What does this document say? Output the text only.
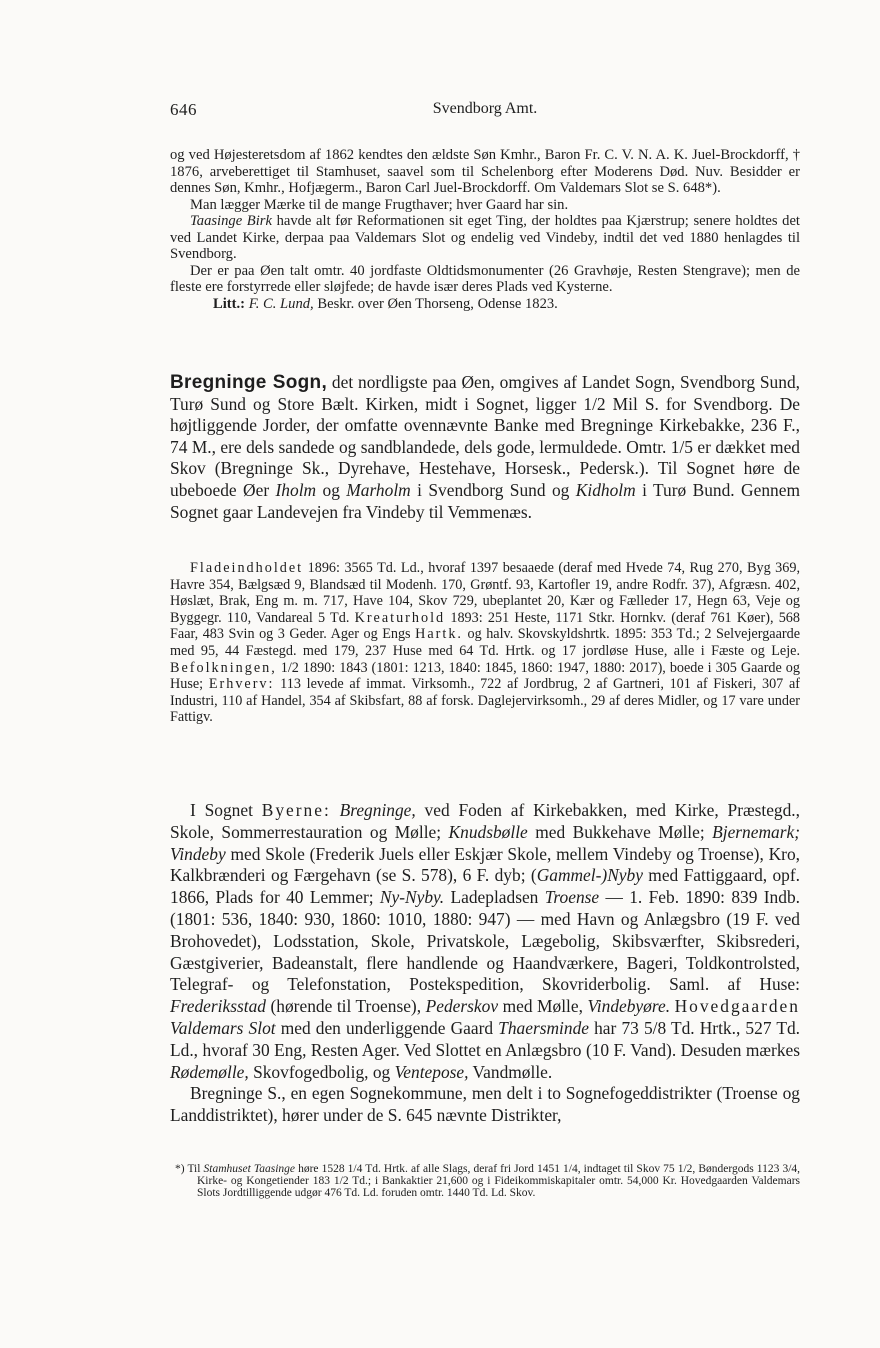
646	Svendborg Amt.

og ved Højesteretsdom af 1862 kendtes den ældste Søn Kmhr., Baron Fr. C. V. N. A. K. Juel-Brockdorff, † 1876, arveberettiget til Stamhuset, saavel som til Schelenborg efter Moderens Død. Nuv. Besidder er dennes Søn, Kmhr., Hofjægerm., Baron Carl Juel-Brockdorff. Om Valdemars Slot se S. 648*).

Man lægger Mærke til de mange Frugthaver; hver Gaard har sin.

Taasinge Birk havde alt før Reformationen sit eget Ting, der holdtes paa Kjærstrup; senere holdtes det ved Landet Kirke, derpaa paa Valdemars Slot og endelig ved Vindeby, indtil det ved 1880 henlagdes til Svendborg.

Der er paa Øen talt omtr. 40 jordfaste Oldtidsmonumenter (26 Gravhøje, Resten Stengrave); men de fleste ere forstyrrede eller sløjfede; de havde især deres Plads ved Kysterne.

Litt.: F. C. Lund, Beskr. over Øen Thorseng, Odense 1823.

Bregninge Sogn, det nordligste paa Øen, omgives af Landet Sogn, Svendborg Sund, Turø Sund og Store Bælt. Kirken, midt i Sognet, ligger 1/2 Mil S. for Svendborg. De højtliggende Jorder, der omfatte ovennævnte Banke med Bregninge Kirkebakke, 236 F., 74 M., ere dels sandede og sandblandede, dels gode, lermuldede. Omtr. 1/5 er dækket med Skov (Bregninge Sk., Dyrehave, Hestehave, Horsesk., Pedersk.). Til Sognet høre de ubeboede Øer Iholm og Marholm i Svendborg Sund og Kidholm i Turø Bund. Gennem Sognet gaar Landevejen fra Vindeby til Vemmenæs.

Fladeindholdet 1896: 3565 Td. Ld., hvoraf 1397 besaaede (deraf med Hvede 74, Rug 270, Byg 369, Havre 354, Bælgsæd 9, Blandsæd til Modenh. 170, Grøntf. 93, Kartofler 19, andre Rodfr. 37), Afgræsn. 402, Høslæt, Brak, Eng m. m. 717, Have 104, Skov 729, ubeplantet 20, Kær og Fælleder 17, Hegn 63, Veje og Byggegr. 110, Vandareal 5 Td. Kreaturhold 1893: 251 Heste, 1171 Stkr. Hornkv. (deraf 761 Køer), 568 Faar, 483 Svin og 3 Geder. Ager og Engs Hartk. og halv. Skovskyldshrtk. 1895: 353 Td.; 2 Selvejergaarde med 95, 44 Fæstegd. med 179, 237 Huse med 64 Td. Hrtk. og 17 jordløse Huse, alle i Fæste og Leje. Befolkningen, 1/2 1890: 1843 (1801: 1213, 1840: 1845, 1860: 1947, 1880: 2017), boede i 305 Gaarde og Huse; Erhverv: 113 levede af immat. Virksomh., 722 af Jordbrug, 2 af Gartneri, 101 af Fiskeri, 307 af Industri, 110 af Handel, 354 af Skibsfart, 88 af forsk. Daglejervirksomh., 29 af deres Midler, og 17 vare under Fattigv.

I Sognet Byerne: Bregninge, ved Foden af Kirkebakken, med Kirke, Præstegd., Skole, Sommerrestauration og Mølle; Knudsbølle med Bukkehave Mølle; Bjernemark; Vindeby med Skole (Frederik Juels eller Eskjær Skole, mellem Vindeby og Troense), Kro, Kalkbrænderi og Færgehavn (se S. 578), 6 F. dyb; (Gammel-)Nyby med Fattiggaard, opf. 1866, Plads for 40 Lemmer; Ny-Nyby. Ladepladsen Troense — 1. Feb. 1890: 839 Indb. (1801: 536, 1840: 930, 1860: 1010, 1880: 947) — med Havn og Anlægsbro (19 F. ved Brohovedet), Lodsstation, Skole, Privatskole, Lægebolig, Skibsværfter, Skibsrederi, Gæstgiverier, Badeanstalt, flere handlende og Haandværkere, Bageri, Toldkontrolsted, Telegraf- og Telefonstation, Postekspedition, Skovriderbolig. Saml. af Huse: Frederiksstad (hørende til Troense), Pederskov med Mølle, Vindebyøre. Hovedgaarden Valdemars Slot med den underliggende Gaard Thaersminde har 73 5/8 Td. Hrtk., 527 Td. Ld., hvoraf 30 Eng, Resten Ager. Ved Slottet en Anlægsbro (10 F. Vand). Desuden mærkes Rødemølle, Skovfogedbolig, og Ventepose, Vandmølle.

Bregninge S., en egen Sognekommune, men delt i to Sognefogeddistrikter (Troense og Landdistriktet), hører under de S. 645 nævnte Distrikter,

*) Til Stamhuset Taasinge høre 1528 1/4 Td. Hrtk. af alle Slags, deraf fri Jord 1451 1/4, indtaget til Skov 75 1/2, Bøndergods 1123 3/4, Kirke- og Kongetiender 183 1/2 Td.; i Bankaktier 21,600 og i Fideikommiskapitaler omtr. 54,000 Kr. Hovedgaarden Valdemars Slots Jordtilliggende udgør 476 Td. Ld. foruden omtr. 1440 Td. Ld. Skov.
